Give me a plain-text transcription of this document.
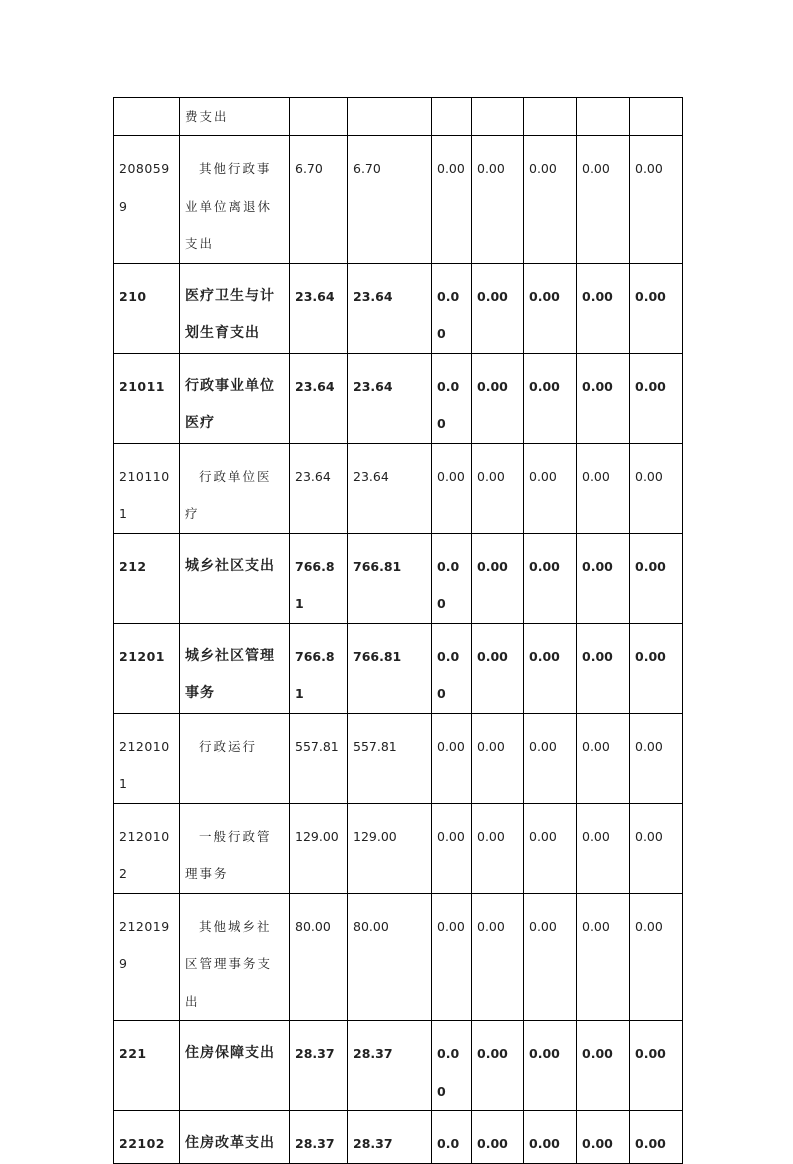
	费支出							
2080599	其他行政事业单位离退休支出	6.70	6.70	0.00	0.00	0.00	0.00	0.00
210	医疗卫生与计划生育支出	23.64	23.64	0.00	0.00	0.00	0.00	0.00
21011	行政事业单位医疗	23.64	23.64	0.00	0.00	0.00	0.00	0.00
2101101	行政单位医疗	23.64	23.64	0.00	0.00	0.00	0.00	0.00
212	城乡社区支出	766.81	766.81	0.00	0.00	0.00	0.00	0.00
21201	城乡社区管理事务	766.81	766.81	0.00	0.00	0.00	0.00	0.00
2120101	行政运行	557.81	557.81	0.00	0.00	0.00	0.00	0.00
2120102	一般行政管理事务	129.00	129.00	0.00	0.00	0.00	0.00	0.00
2120199	其他城乡社区管理事务支出	80.00	80.00	0.00	0.00	0.00	0.00	0.00
221	住房保障支出	28.37	28.37	0.00	0.00	0.00	0.00	0.00
22102	住房改革支出	28.37	28.37	0.0	0.00	0.00	0.00	0.00
